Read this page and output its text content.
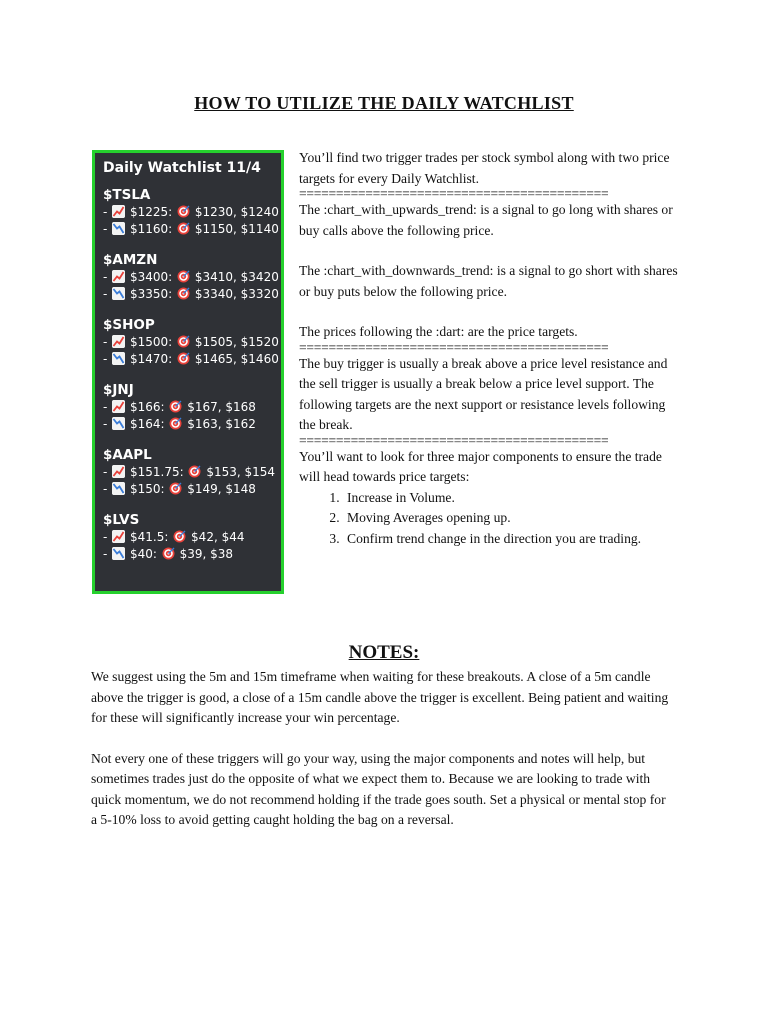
HOW TO UTILIZE THE DAILY WATCHLIST
Daily Watchlist 11/4
$TSLA
-  $1225: $1230, $1240
-  $1160: $1150, $1140
$AMZN
-  $3400: $3410, $3420
-  $3350: $3340, $3320
$SHOP
-  $1500: $1505, $1520
-  $1470: $1465, $1460
$JNJ
-  $166: $167, $168
-  $164: $163, $162
$AAPL
-  $151.75: $153, $154
-  $150: $149, $148
$LVS
-  $41.5: $42, $44
-  $40: $39, $38

You’ll find two trigger trades per stock symbol along with two price targets for every Daily Watchlist.

==========================================

The :chart_with_upwards_trend: is a signal to go long with shares or buy calls above the following price.

The :chart_with_downwards_trend: is a signal to go short with shares or buy puts below the following price.

The prices following the :dart: are the price targets.

==========================================

The buy trigger is usually a break above a price level resistance and the sell trigger is usually a break below a price level support. The following targets are the next support or resistance levels following the break.

==========================================

You’ll want to look for three major components to ensure the trade will head towards price targets:

1. Increase in Volume.
2. Moving Averages opening up.
3. Confirm trend change in the direction you are trading.
NOTES:

We suggest using the 5m and 15m timeframe when waiting for these breakouts. A close of a 5m candle above the trigger is good, a close of a 15m candle above the trigger is excellent. Being patient and waiting for these will significantly increase your win percentage.

Not every one of these triggers will go your way, using the major components and notes will help, but sometimes trades just do the opposite of what we expect them to. Because we are looking to trade with quick momentum, we do not recommend holding if the trade goes south. Set a physical or mental stop for a 5-10% loss to avoid getting caught holding the bag on a reversal.
